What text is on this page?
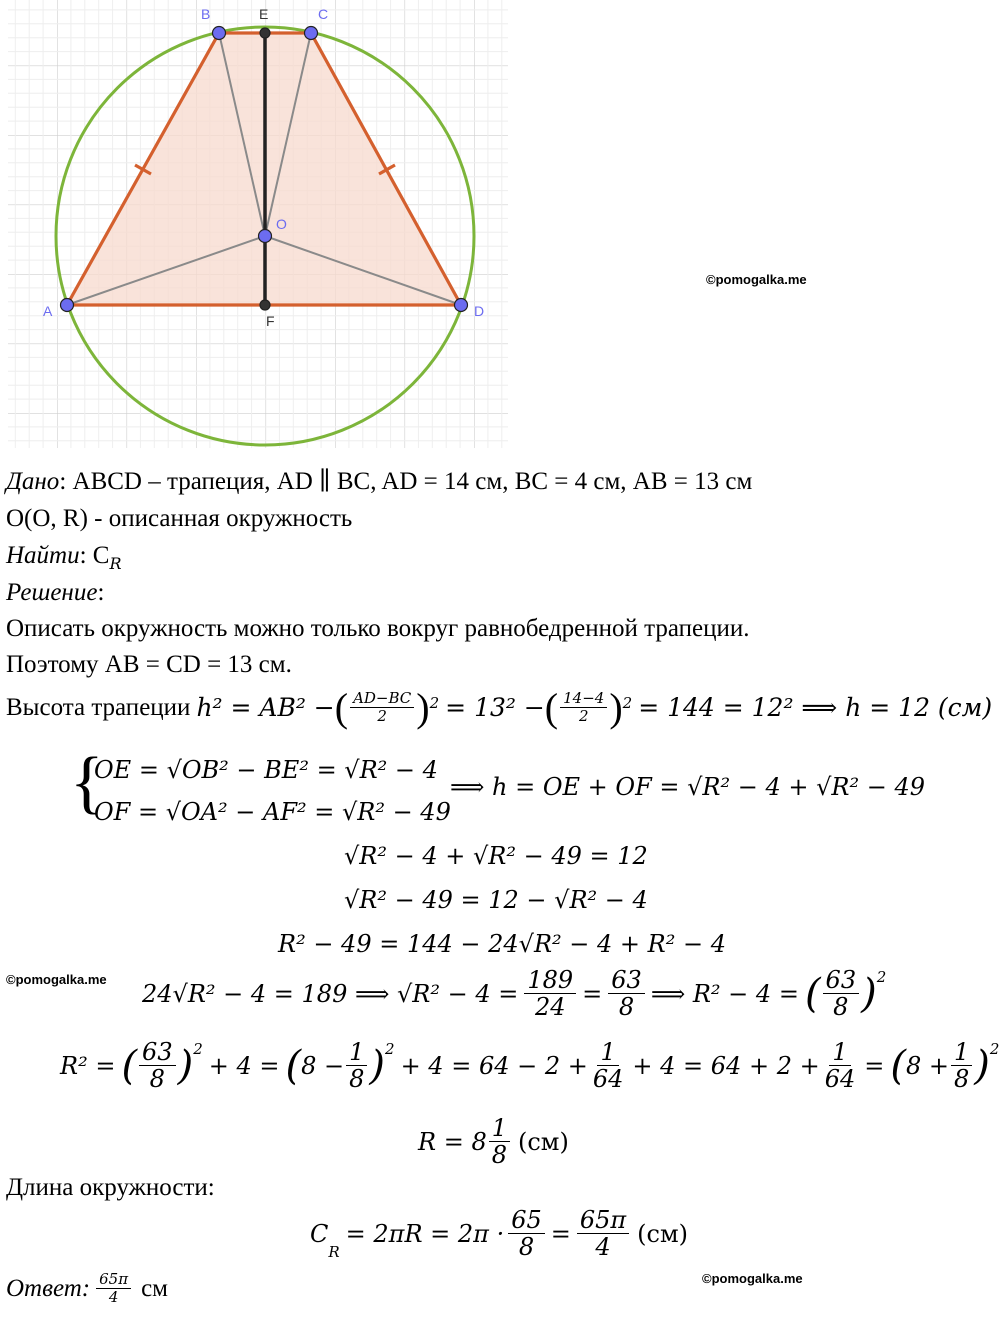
A
B	C
D
E
F
O
©pomogalka.me
Дано: ABCD – трапеция, AD ∥ BC, AD = 14 см, BC = 4 см, AB = 13 см
O(O, R) - описанная окружность
Найти: $C_R$
Решение:
Описать окружность можно только вокруг равнобедренной трапеции.
Поэтому AB = CD = 13 см.
Высота трапеции h² = AB² − ( $\frac{AD-BC}{2} )^2 = 13^2$ − ( $\frac{14-4}{2} )^2 = 144 = 12^2$ ⟹ h = 12 (см)
{
OE = √OB² − BE² = √R² − 4
OF = √OA² − AF² = √R² − 49
⟹ h = OE + OF = √R² − 4 + √R² − 49
√R² − 4 + √R² − 49 = 12
√R² − 49 = 12 − √R² − 4
R² − 49 = 144 − 24√R² − 4 + R² − 4
©pomogalka.me
24√R² − 4 = 189 ⟹ $√R^2 - 4 = \frac{189}{24} = \frac{63}{8}$ ⟹ R² − 4 = ( $\frac{63}{8} )^2$
R² = ( $\frac{63}{8} )^2$
+ 4 = ( $8 - \frac{1}{8} )^2$
+ $4 = 64 - 2 + \frac{1}{64} + 4 = 64 + 2 + \frac{1}{64}$ = ( $8 + \frac{1}{8} )^2$
$R = 8 \frac{1}{8} (см)$
Длина окружности:
C
$_R$
= $2\pi R = 2\pi \cdot \frac{65}{8} = \frac{65\pi}{4} (см)$
©pomogalka.me
Ответ: $\frac{65\pi}{4}$ см
